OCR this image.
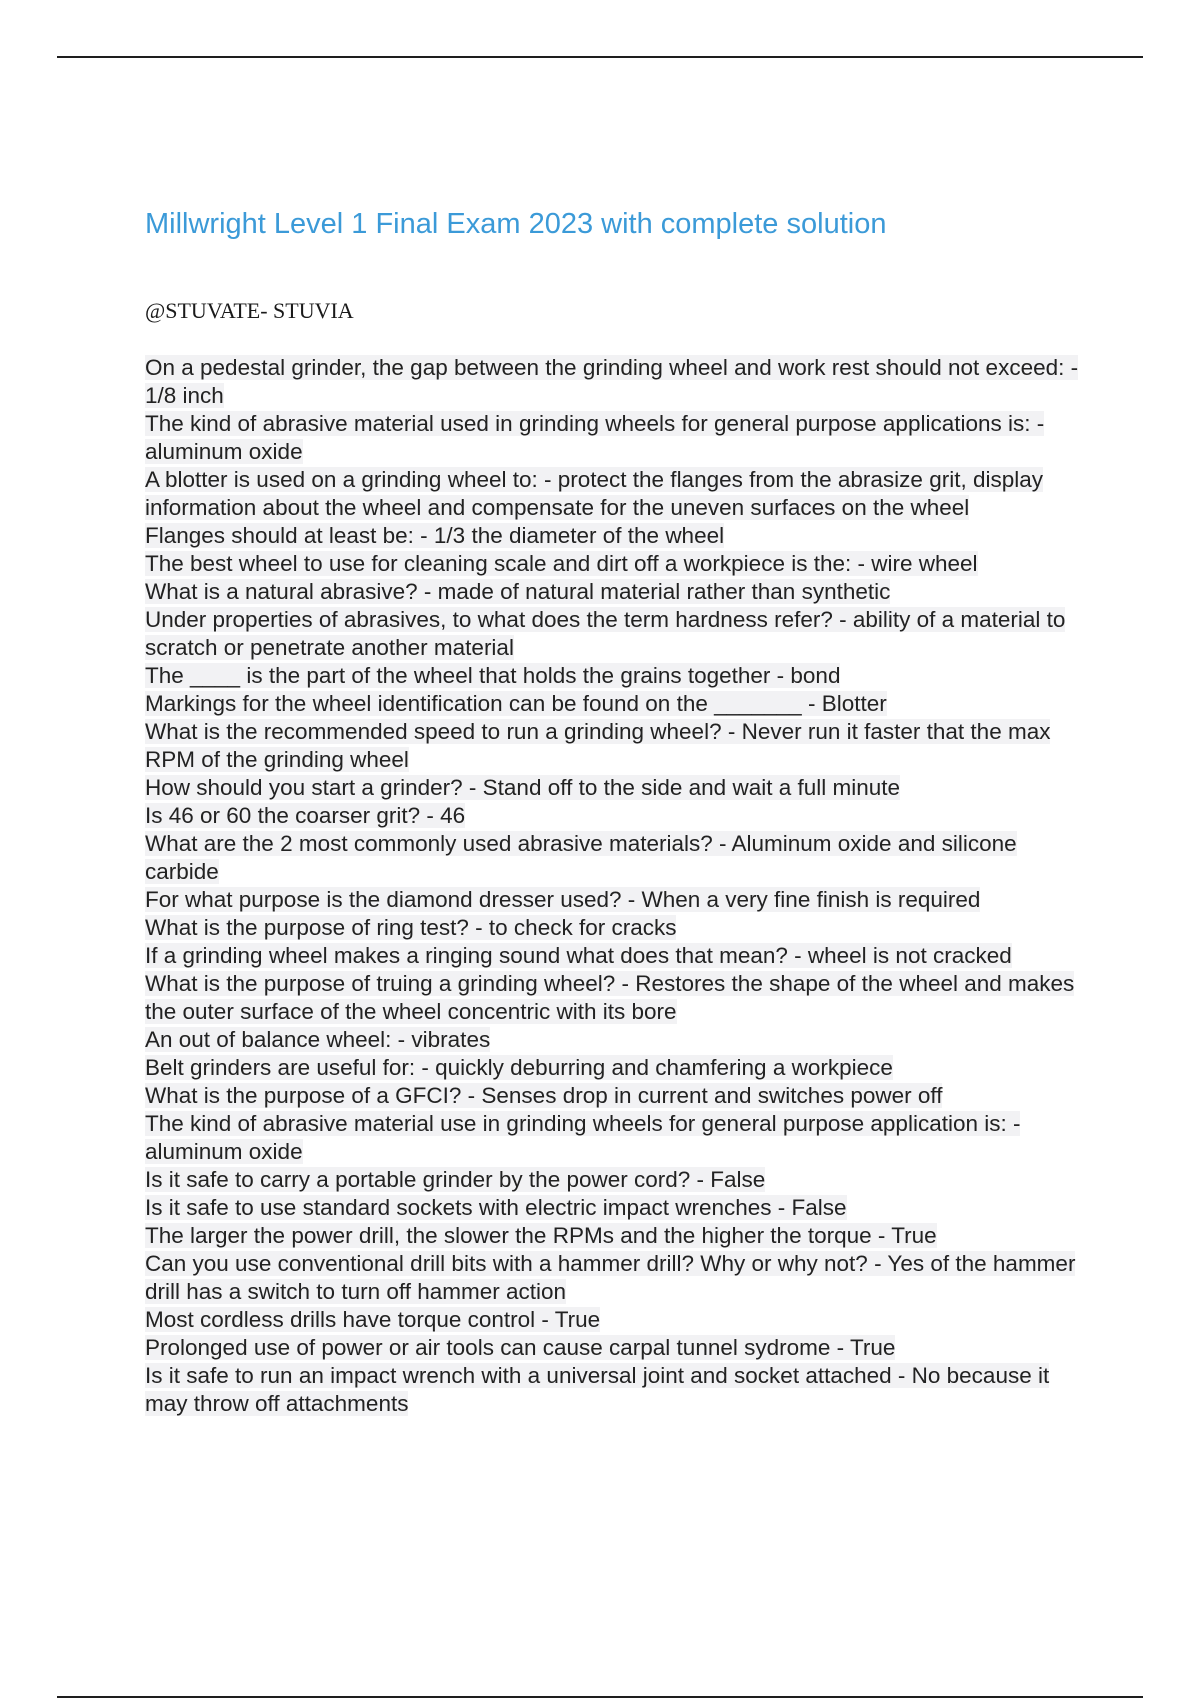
Millwright Level 1 Final Exam 2023 with complete solution
@STUVATE- STUVIA
On a pedestal grinder, the gap between the grinding wheel and work rest should not exceed: - 1/8 inch
The kind of abrasive material used in grinding wheels for general purpose applications is: - aluminum oxide
A blotter is used on a grinding wheel to: - protect the flanges from the abrasize grit, display information about the wheel and compensate for the uneven surfaces on the wheel
Flanges should at least be: - 1/3 the diameter of the wheel
The best wheel to use for cleaning scale and dirt off a workpiece is the: - wire wheel
What is a natural abrasive? - made of natural material rather than synthetic
Under properties of abrasives, to what does the term hardness refer? - ability of a material to scratch or penetrate another material
The ____ is the part of the wheel that holds the grains together - bond
Markings for the wheel identification can be found on the _______ - Blotter
What is the recommended speed to run a grinding wheel? - Never run it faster that the max RPM of the grinding wheel
How should you start a grinder? - Stand off to the side and wait a full minute
Is 46 or 60 the coarser grit? - 46
What are the 2 most commonly used abrasive materials? - Aluminum oxide and silicone carbide
For what purpose is the diamond dresser used? - When a very fine finish is required
What is the purpose of ring test? - to check for cracks
If a grinding wheel makes a ringing sound what does that mean? - wheel is not cracked
What is the purpose of truing a grinding wheel? - Restores the shape of the wheel and makes the outer surface of the wheel concentric with its bore
An out of balance wheel: - vibrates
Belt grinders are useful for: - quickly deburring and chamfering a workpiece
What is the purpose of a GFCI? - Senses drop in current and switches power off
The kind of abrasive material use in grinding wheels for general purpose application is: - aluminum oxide
Is it safe to carry a portable grinder by the power cord? - False
Is it safe to use standard sockets with electric impact wrenches - False
The larger the power drill, the slower the RPMs and the higher the torque - True
Can you use conventional drill bits with a hammer drill? Why or why not? - Yes of the hammer drill has a switch to turn off hammer action
Most cordless drills have torque control - True
Prolonged use of power or air tools can cause carpal tunnel sydrome - True
Is it safe to run an impact wrench with a universal joint and socket attached - No because it may throw off attachments
